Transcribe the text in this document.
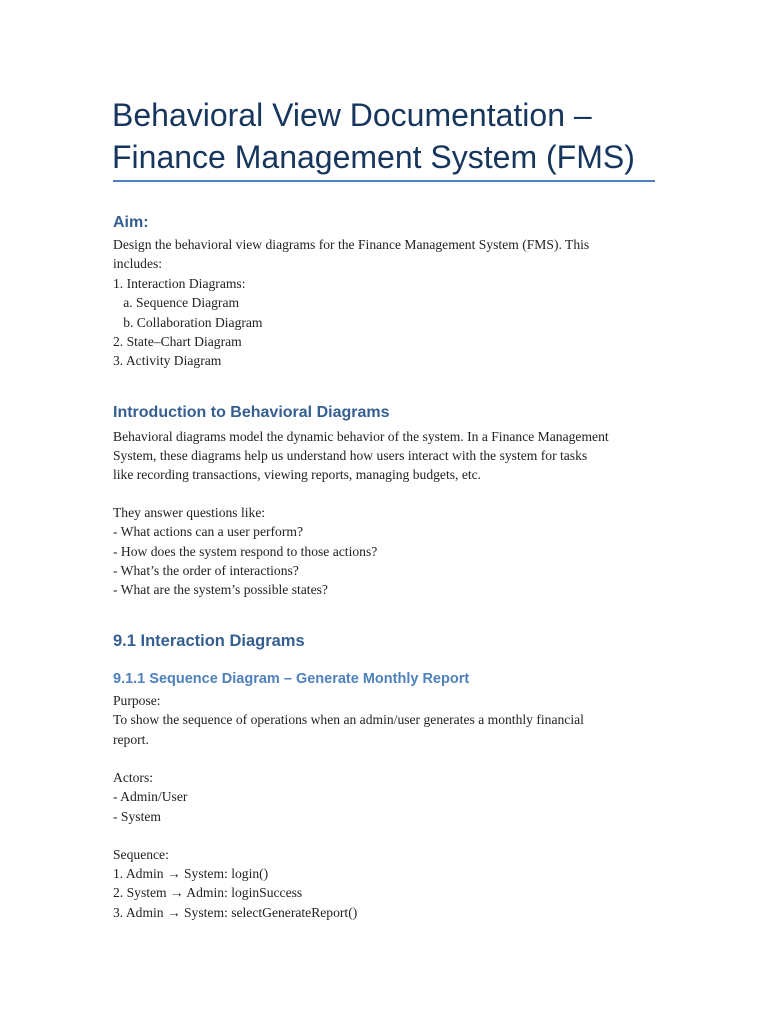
Behavioral View Documentation –
Finance Management System (FMS)
Aim:
Design the behavioral view diagrams for the Finance Management System (FMS). This
includes:
1. Interaction Diagrams:
a. Sequence Diagram
b. Collaboration Diagram
2. State–Chart Diagram
3. Activity Diagram
Introduction to Behavioral Diagrams
Behavioral diagrams model the dynamic behavior of the system. In a Finance Management
System, these diagrams help us understand how users interact with the system for tasks
like recording transactions, viewing reports, managing budgets, etc.
They answer questions like:
- What actions can a user perform?
- How does the system respond to those actions?
- What’s the order of interactions?
- What are the system’s possible states?
9.1 Interaction Diagrams
9.1.1 Sequence Diagram – Generate Monthly Report
Purpose:
To show the sequence of operations when an admin/user generates a monthly financial
report.
Actors:
- Admin/User
- System
Sequence:
1. Admin → System: login()
2. System → Admin: loginSuccess
3. Admin → System: selectGenerateReport()
